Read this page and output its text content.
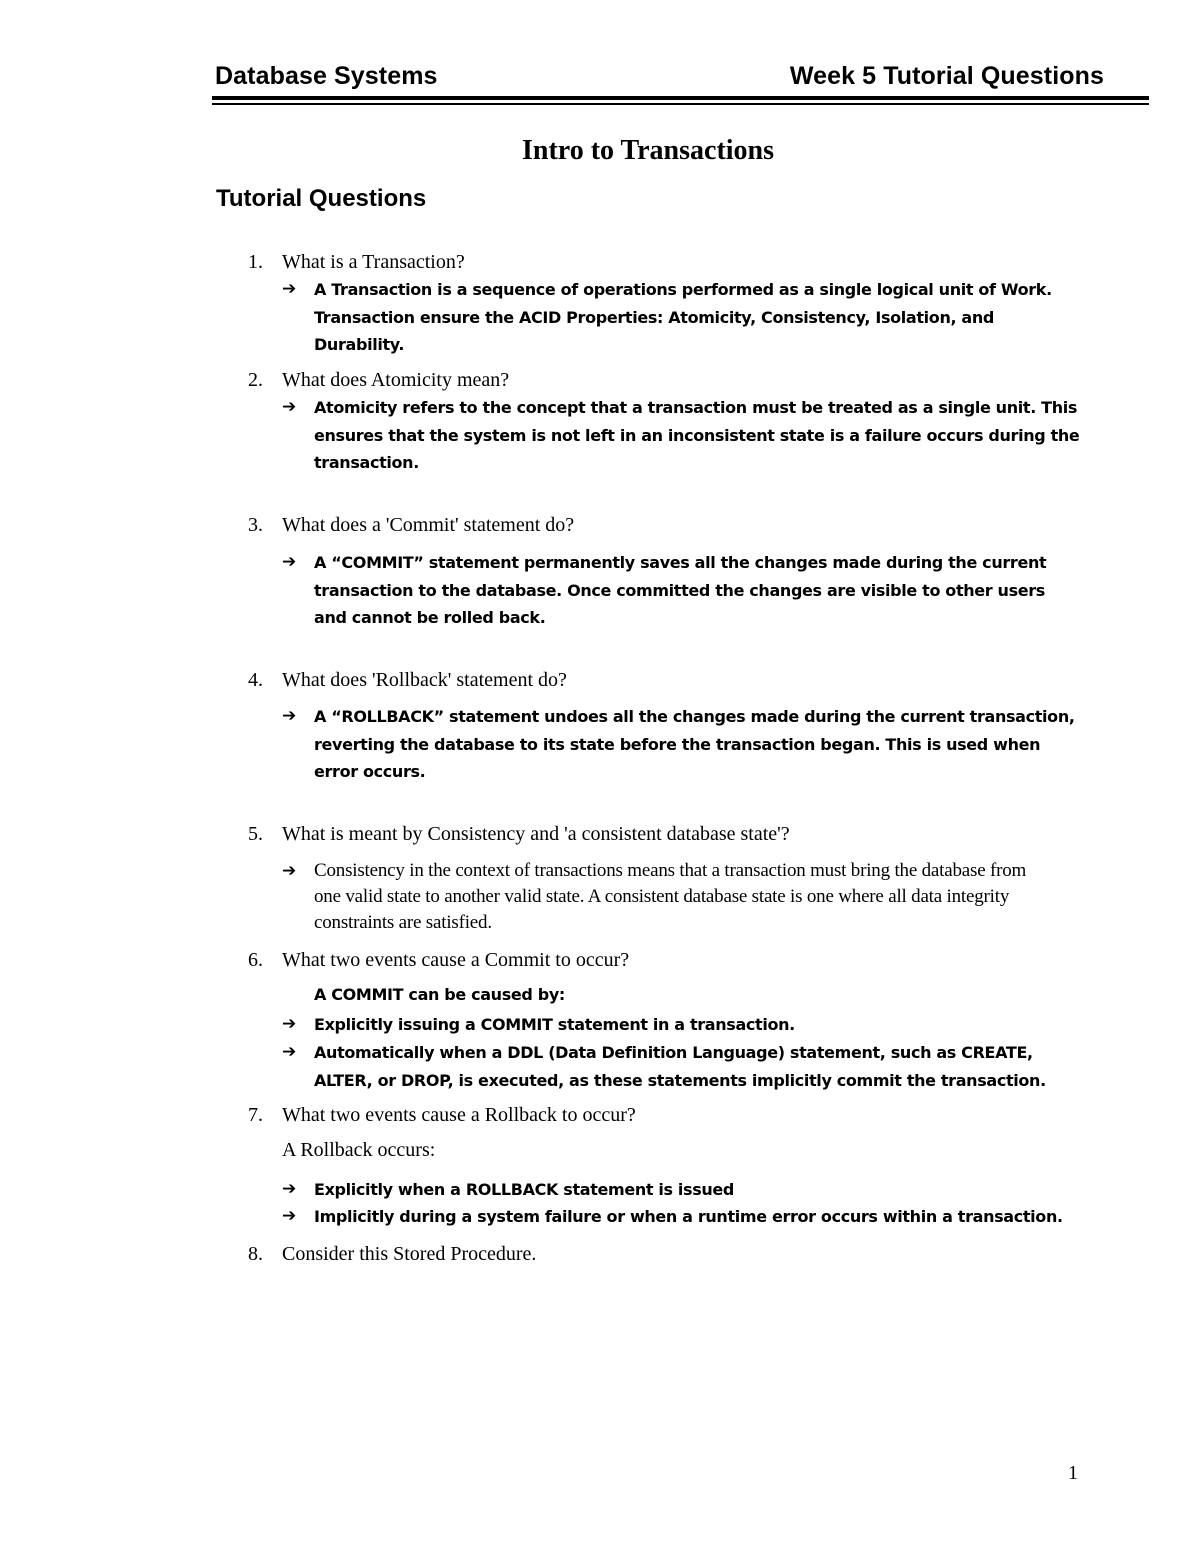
Database Systems	Week 5 Tutorial Questions
Intro to Transactions
Tutorial Questions
1. What is a Transaction?
➔	A Transaction is a sequence of operations performed as a single logical unit of Work. Transaction ensure the ACID Properties: Atomicity, Consistency, Isolation, and Durability.
2. What does Atomicity mean?
➔	Atomicity refers to the concept that a transaction must be treated as a single unit. This ensures that the system is not left in an inconsistent state is a failure occurs during the transaction.
3. What does a 'Commit' statement do?
➔	A “COMMIT” statement permanently saves all the changes made during the current transaction to the database. Once committed the changes are visible to other users and cannot be rolled back.
4. What does 'Rollback' statement do?
➔	A “ROLLBACK” statement undoes all the changes made during the current transaction, reverting the database to its state before the transaction began. This is used when error occurs.
5. What is meant by Consistency and 'a consistent database state'?
➔ Consistency in the context of transactions means that a transaction must bring the database from one valid state to another valid state. A consistent database state is one where all data integrity constraints are satisfied.
6. What two events cause a Commit to occur?
A COMMIT can be caused by:
➔	Explicitly issuing a COMMIT statement in a transaction.
➔	Automatically when a DDL (Data Definition Language) statement, such as CREATE, ALTER, or DROP, is executed, as these statements implicitly commit the transaction.
7. What two events cause a Rollback to occur?
A Rollback occurs:
➔	Explicitly when a ROLLBACK statement is issued
➔	Implicitly during a system failure or when a runtime error occurs within a transaction.
8. Consider this Stored Procedure.
1
